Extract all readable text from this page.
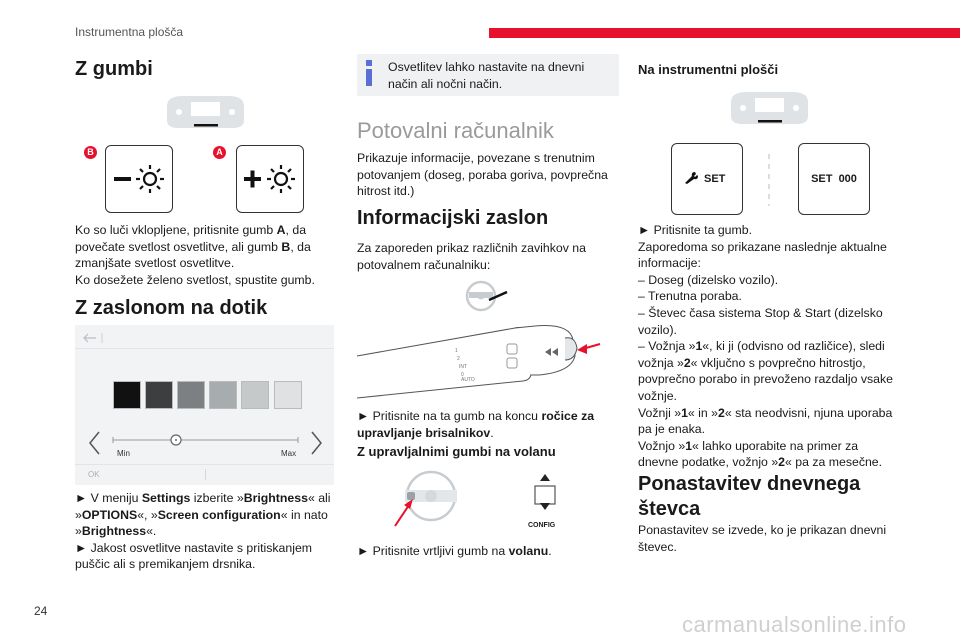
Instrumentna plošča
Z gumbi
B	A

Ko so luči vklopljene, pritisnite gumb A, da povečate svetlost osvetlitve, ali gumb B, da zmanjšate svetlost osvetlitve.
Ko dosežete želeno svetlost, spustite gumb.

Z zaslonom na dotik
Min	Max
OK

► V meniju Settings izberite »Brightness« ali »OPTIONS«, »Screen configuration« in nato »Brightness«.
► Jakost osvetlitve nastavite s pritiskanjem puščic ali s premikanjem drsnika.

Osvetlitev lahko nastavite na dnevni način ali nočni način.

Potovalni računalnik

Prikazuje informacije, povezane s trenutnim potovanjem (doseg, poraba goriva, povprečna hitrost itd.)

Informacijski zaslon

Za zaporeden prikaz različnih zavihkov na potovalnem računalniku:

1
2
INT
0
AUTO

► Pritisnite na ta gumb na koncu ročice za upravljanje brisalnikov.

Z upravljalnimi gumbi na volanu
CONFIG

► Pritisnite vrtljivi gumb na volanu.

Na instrumentni plošči
SET	SET  000

► Pritisnite ta gumb.
Zaporedoma so prikazane naslednje aktualne informacije:
– Doseg (dizelsko vozilo).
– Trenutna poraba.
– Števec časa sistema Stop & Start (dizelsko vozilo).
– Vožnja »1«, ki ji (odvisno od različice), sledi vožnja »2« vključno s povprečno hitrostjo, povprečno porabo in prevoženo razdaljo vsake vožnje.
Vožnji »1« in »2« sta neodvisni, njuna uporaba pa je enaka.
Vožnjo »1« lahko uporabite na primer za dnevne podatke, vožnjo »2« pa za mesečne.

Ponastavitev dnevnega števca

Ponastavitev se izvede, ko je prikazan dnevni števec.

24
carmanualsonline.info
